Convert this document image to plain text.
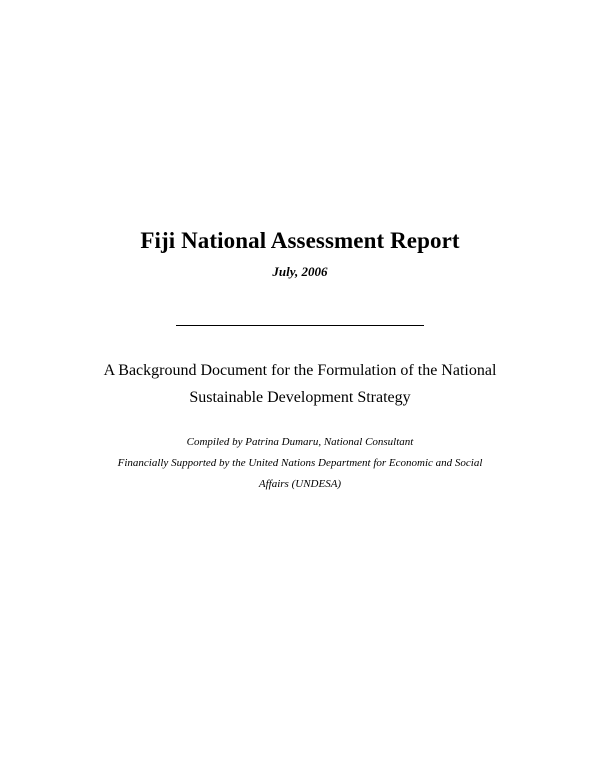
Fiji National Assessment Report
July, 2006
A Background Document for the Formulation of the National
Sustainable Development Strategy
Compiled by Patrina Dumaru, National Consultant
Financially Supported by the United Nations Department for Economic and Social
Affairs (UNDESA)
